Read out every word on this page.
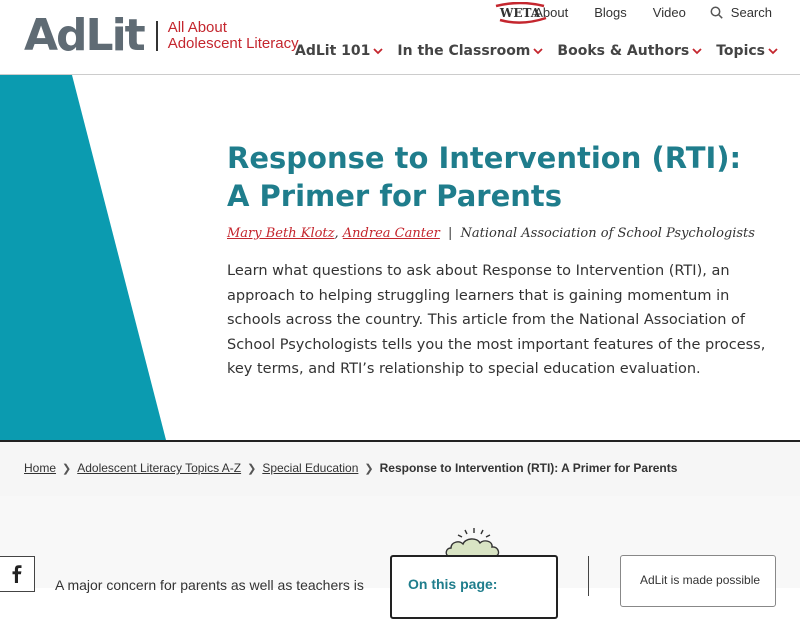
AdLit All About
Adolescent Literacy
WETA
About Blogs Video	Search
AdLit 101 In the Classroom Books & Authors Topics
Response to Intervention (RTI): A Primer for Parents
Mary Beth Klotz, Andrea Canter | National Association of School Psychologists

Learn what questions to ask about Response to Intervention (RTI), an approach to helping struggling learners that is gaining momentum in schools across the country. This article from the National Association of School Psychologists tells you the most important features of the process, key terms, and RTI’s relationship to special education evaluation.

Home ❯ Adolescent Literacy Topics A-Z ❯ Special Education ❯ Response to Intervention (RTI): A Primer for Parents
A major concern for parents as well as teachers is	On this page:	AdLit is made possible
